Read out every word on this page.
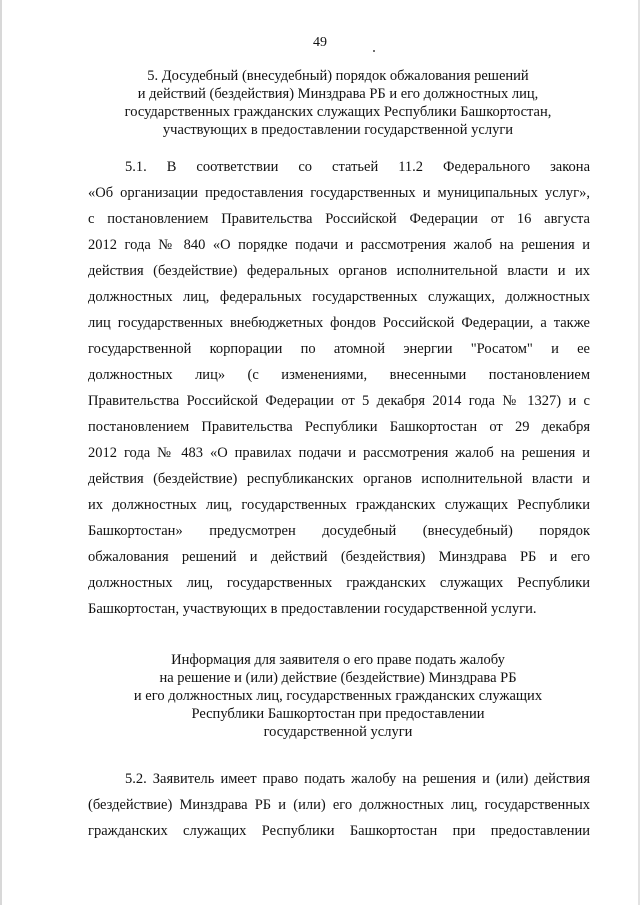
49
5. Досудебный (внесудебный) порядок обжалования решений
и действий (бездействия) Минздрава РБ и его должностных лиц,
государственных гражданских служащих Республики Башкортостан,
участвующих в предоставлении государственной услуги
5.1. В соответствии со статьей 11.2 Федерального закона
«Об организации предоставления государственных и муниципальных услуг»,
с постановлением Правительства Российской Федерации от 16 августа
2012 года № 840 «О порядке подачи и рассмотрения жалоб на решения и
действия (бездействие) федеральных органов исполнительной власти и их
должностных лиц, федеральных государственных служащих, должностных
лиц государственных внебюджетных фондов Российской Федерации, а также
государственной корпорации по атомной энергии "Росатом" и ее
должностных лиц» (с изменениями, внесенными постановлением
Правительства Российской Федерации от 5 декабря 2014 года № 1327) и с
постановлением Правительства Республики Башкортостан от 29 декабря
2012 года № 483 «О правилах подачи и рассмотрения жалоб на решения и
действия (бездействие) республиканских органов исполнительной власти и
их должностных лиц, государственных гражданских служащих Республики
Башкортостан» предусмотрен досудебный (внесудебный) порядок
обжалования решений и действий (бездействия) Минздрава РБ и его
должностных лиц, государственных гражданских служащих Республики
Башкортостан, участвующих в предоставлении государственной услуги.
Информация для заявителя о его праве подать жалобу
на решение и (или) действие (бездействие) Минздрава РБ
и его должностных лиц, государственных гражданских служащих
Республики Башкортостан при предоставлении
государственной услуги
5.2. Заявитель имеет право подать жалобу на решения и (или) действия
(бездействие) Минздрава РБ и (или) его должностных лиц, государственных
гражданских служащих Республики Башкортостан при предоставлении
